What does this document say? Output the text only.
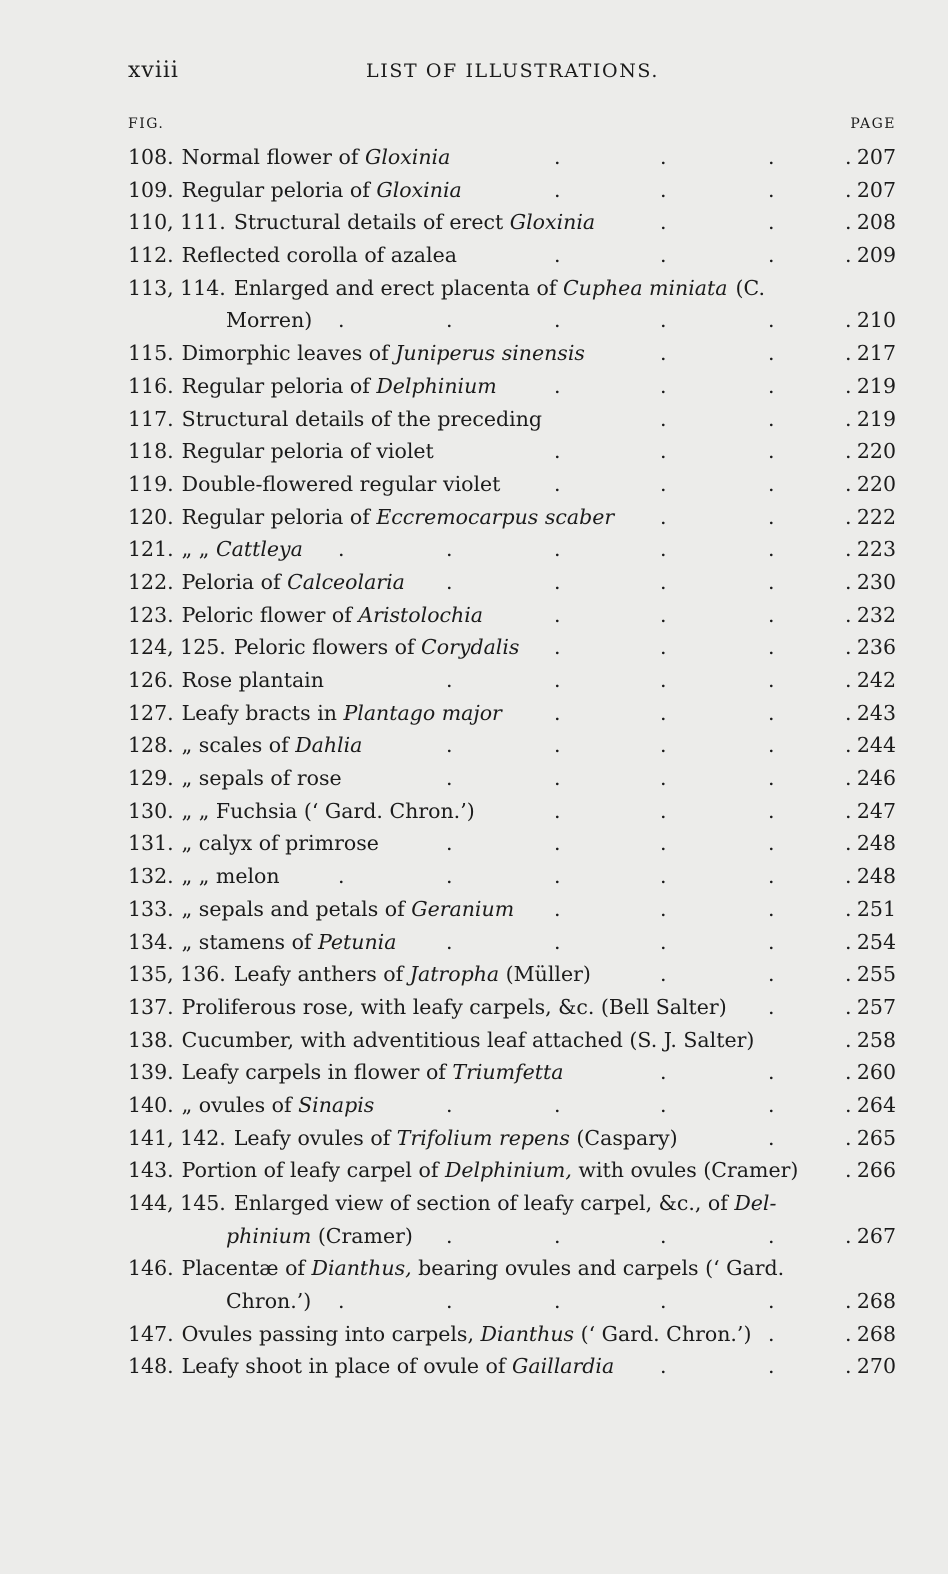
xviii	LIST OF ILLUSTRATIONS.
FIG.	PAGE
108. Normal flower of Gloxinia	207
.	.	.	.
109. Regular peloria of Gloxinia	207
.	.	.	.
110, 111. Structural details of erect Gloxinia	208
.	.	.
112. Reflected corolla of azalea	209
.	.	.	.
113, 114. Enlarged and erect placenta of Cuphea miniata (C.
Morren)	210
.	.	.	.	.	.
115. Dimorphic leaves of Juniperus sinensis	217
.	.	.
116. Regular peloria of Delphinium	219
.	.	.	.
117. Structural details of the preceding	219
.	.	.
118. Regular peloria of violet	220
.	.	.	.
119. Double-flowered regular violet	220
.	.	.	.
120. Regular peloria of Eccremocarpus scaber	222
.	.	.
121. „ „ Cattleya	223
.	.	.	.	.	.
122. Peloria of Calceolaria	230
.	.	.	.	.
123. Peloric flower of Aristolochia	232
.	.	.	.
124, 125. Peloric flowers of Corydalis	236
.	.	.	.
126. Rose plantain	242
.	.	.	.	.
127. Leafy bracts in Plantago major	243
.	.	.	.
128. „ scales of Dahlia	244
.	.	.	.	.
129. „ sepals of rose	246
.	.	.	.	.
130. „ „ Fuchsia (‘ Gard. Chron.’)	247
.	.	.	.
131. „ calyx of primrose	248
.	.	.	.	.
132. „ „ melon	248
.	.	.	.	.	.
133. „ sepals and petals of Geranium	251
.	.	.	.
134. „ stamens of Petunia	254
.	.	.	.	.
135, 136. Leafy anthers of Jatropha (Müller)	255
.	.	.
137. Proliferous rose, with leafy carpels, &c. (Bell Salter)	257
.	.
138. Cucumber, with adventitious leaf attached (S. J. Salter)	258
.
139. Leafy carpels in flower of Triumfetta	260
.	.	.
140. „ ovules of Sinapis	264
.	.	.	.	.
141, 142. Leafy ovules of Trifolium repens (Caspary)	265
.	.
143. Portion of leafy carpel of Delphinium, with ovules (Cramer)	266
.
144, 145. Enlarged view of section of leafy carpel, &c., of Del-
phinium (Cramer)	267
.	.	.	.	.
146. Placentæ of Dianthus, bearing ovules and carpels (‘ Gard.
Chron.’)	268
.	.	.	.	.	.
147. Ovules passing into carpels, Dianthus (‘ Gard. Chron.’)	268
.	.
148. Leafy shoot in place of ovule of Gaillardia	270
.	.	.
